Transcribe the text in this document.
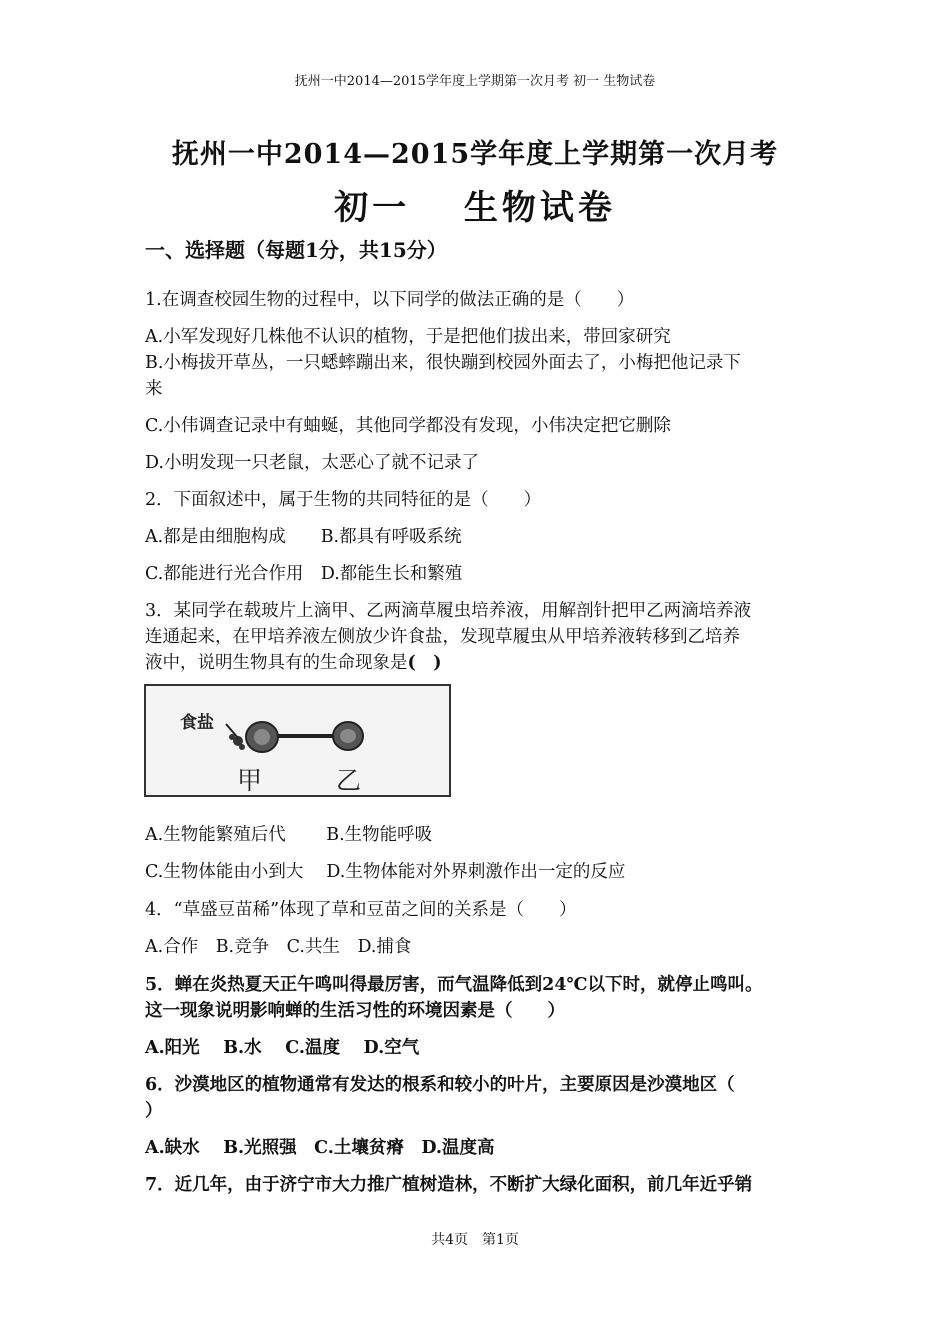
抚州一中2014—2015学年度上学期第一次月考 初一 生物试卷
抚州一中2014—2015学年度上学期第一次月考
初一　 生物试卷
一、选择题（每题1分，共15分）
1.在调查校园生物的过程中，以下同学的做法正确的是（　　）
A.小军发现好几株他不认识的植物，于是把他们拔出来，带回家研究
B.小梅拔开草丛，一只蟋蟀蹦出来，很快蹦到校园外面去了，小梅把他记录下
来
C.小伟调查记录中有蚰蜒，其他同学都没有发现，小伟决定把它删除
D.小明发现一只老鼠，太恶心了就不记录了
2．下面叙述中，属于生物的共同特征的是（　　）
A.都是由细胞构成　　B.都具有呼吸系统
C.都能进行光合作用　D.都能生长和繁殖
3．某同学在载玻片上滴甲、乙两滴草履虫培养液，用解剖针把甲乙两滴培养液
连通起来，在甲培养液左侧放少许食盐，发现草履虫从甲培养液转移到乙培养
液中，说明生物具有的生命现象是(　)
食盐
甲	乙
A.生物能繁殖后代　　 B.生物能呼吸
C.生物体能由小到大　 D.生物体能对外界刺激作出一定的反应
4．“草盛豆苗稀”体现了草和豆苗之间的关系是（　　）
A.合作　B.竞争　C.共生　D.捕食
5．蝉在炎热夏天正午鸣叫得最厉害，而气温降低到24℃以下时，就停止鸣叫。
这一现象说明影响蝉的生活习性的环境因素是（　　）
A.阳光　 B.水　 C.温度　 D.空气
6．沙漠地区的植物通常有发达的根系和较小的叶片，主要原因是沙漠地区（
）
A.缺水　 B.光照强　C.土壤贫瘠　D.温度高
7．近几年，由于济宁市大力推广植树造林，不断扩大绿化面积，前几年近乎销
共4页　第1页
